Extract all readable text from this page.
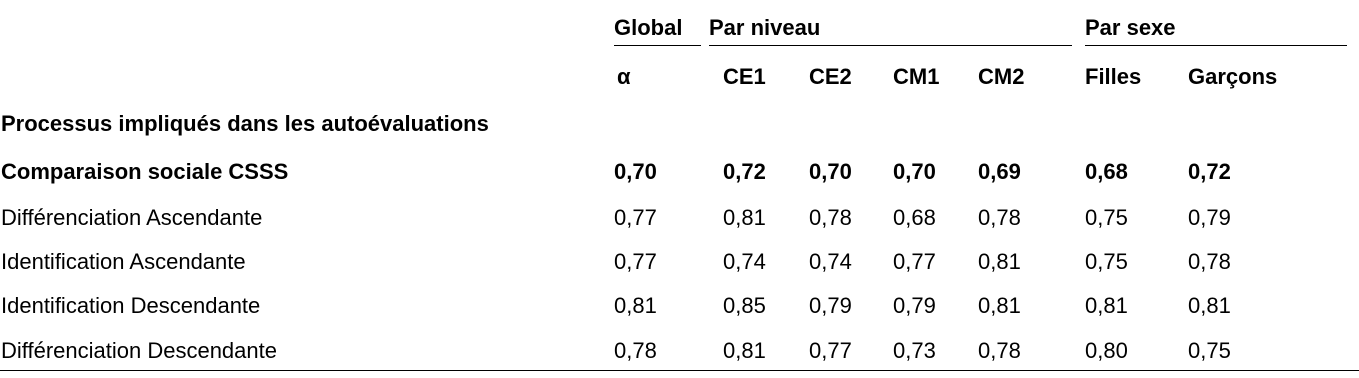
Global Par niveau	Par sexe
α	CE1 CE2 CM1 CM2	Filles Garçons
Processus impliqués dans les autoévaluations
Comparaison sociale CSSS	0,70	0,72 0,70 0,70 0,69	0,68	0,72
Différenciation Ascendante	0,77	0,81 0,78 0,68 0,78	0,75	0,79
Identification Ascendante	0,77	0,74 0,74 0,77 0,81	0,75	0,78
Identification Descendante	0,81	0,85 0,79 0,79 0,81	0,81	0,81
Différenciation Descendante	0,78	0,81 0,77 0,73 0,78	0,80	0,75
